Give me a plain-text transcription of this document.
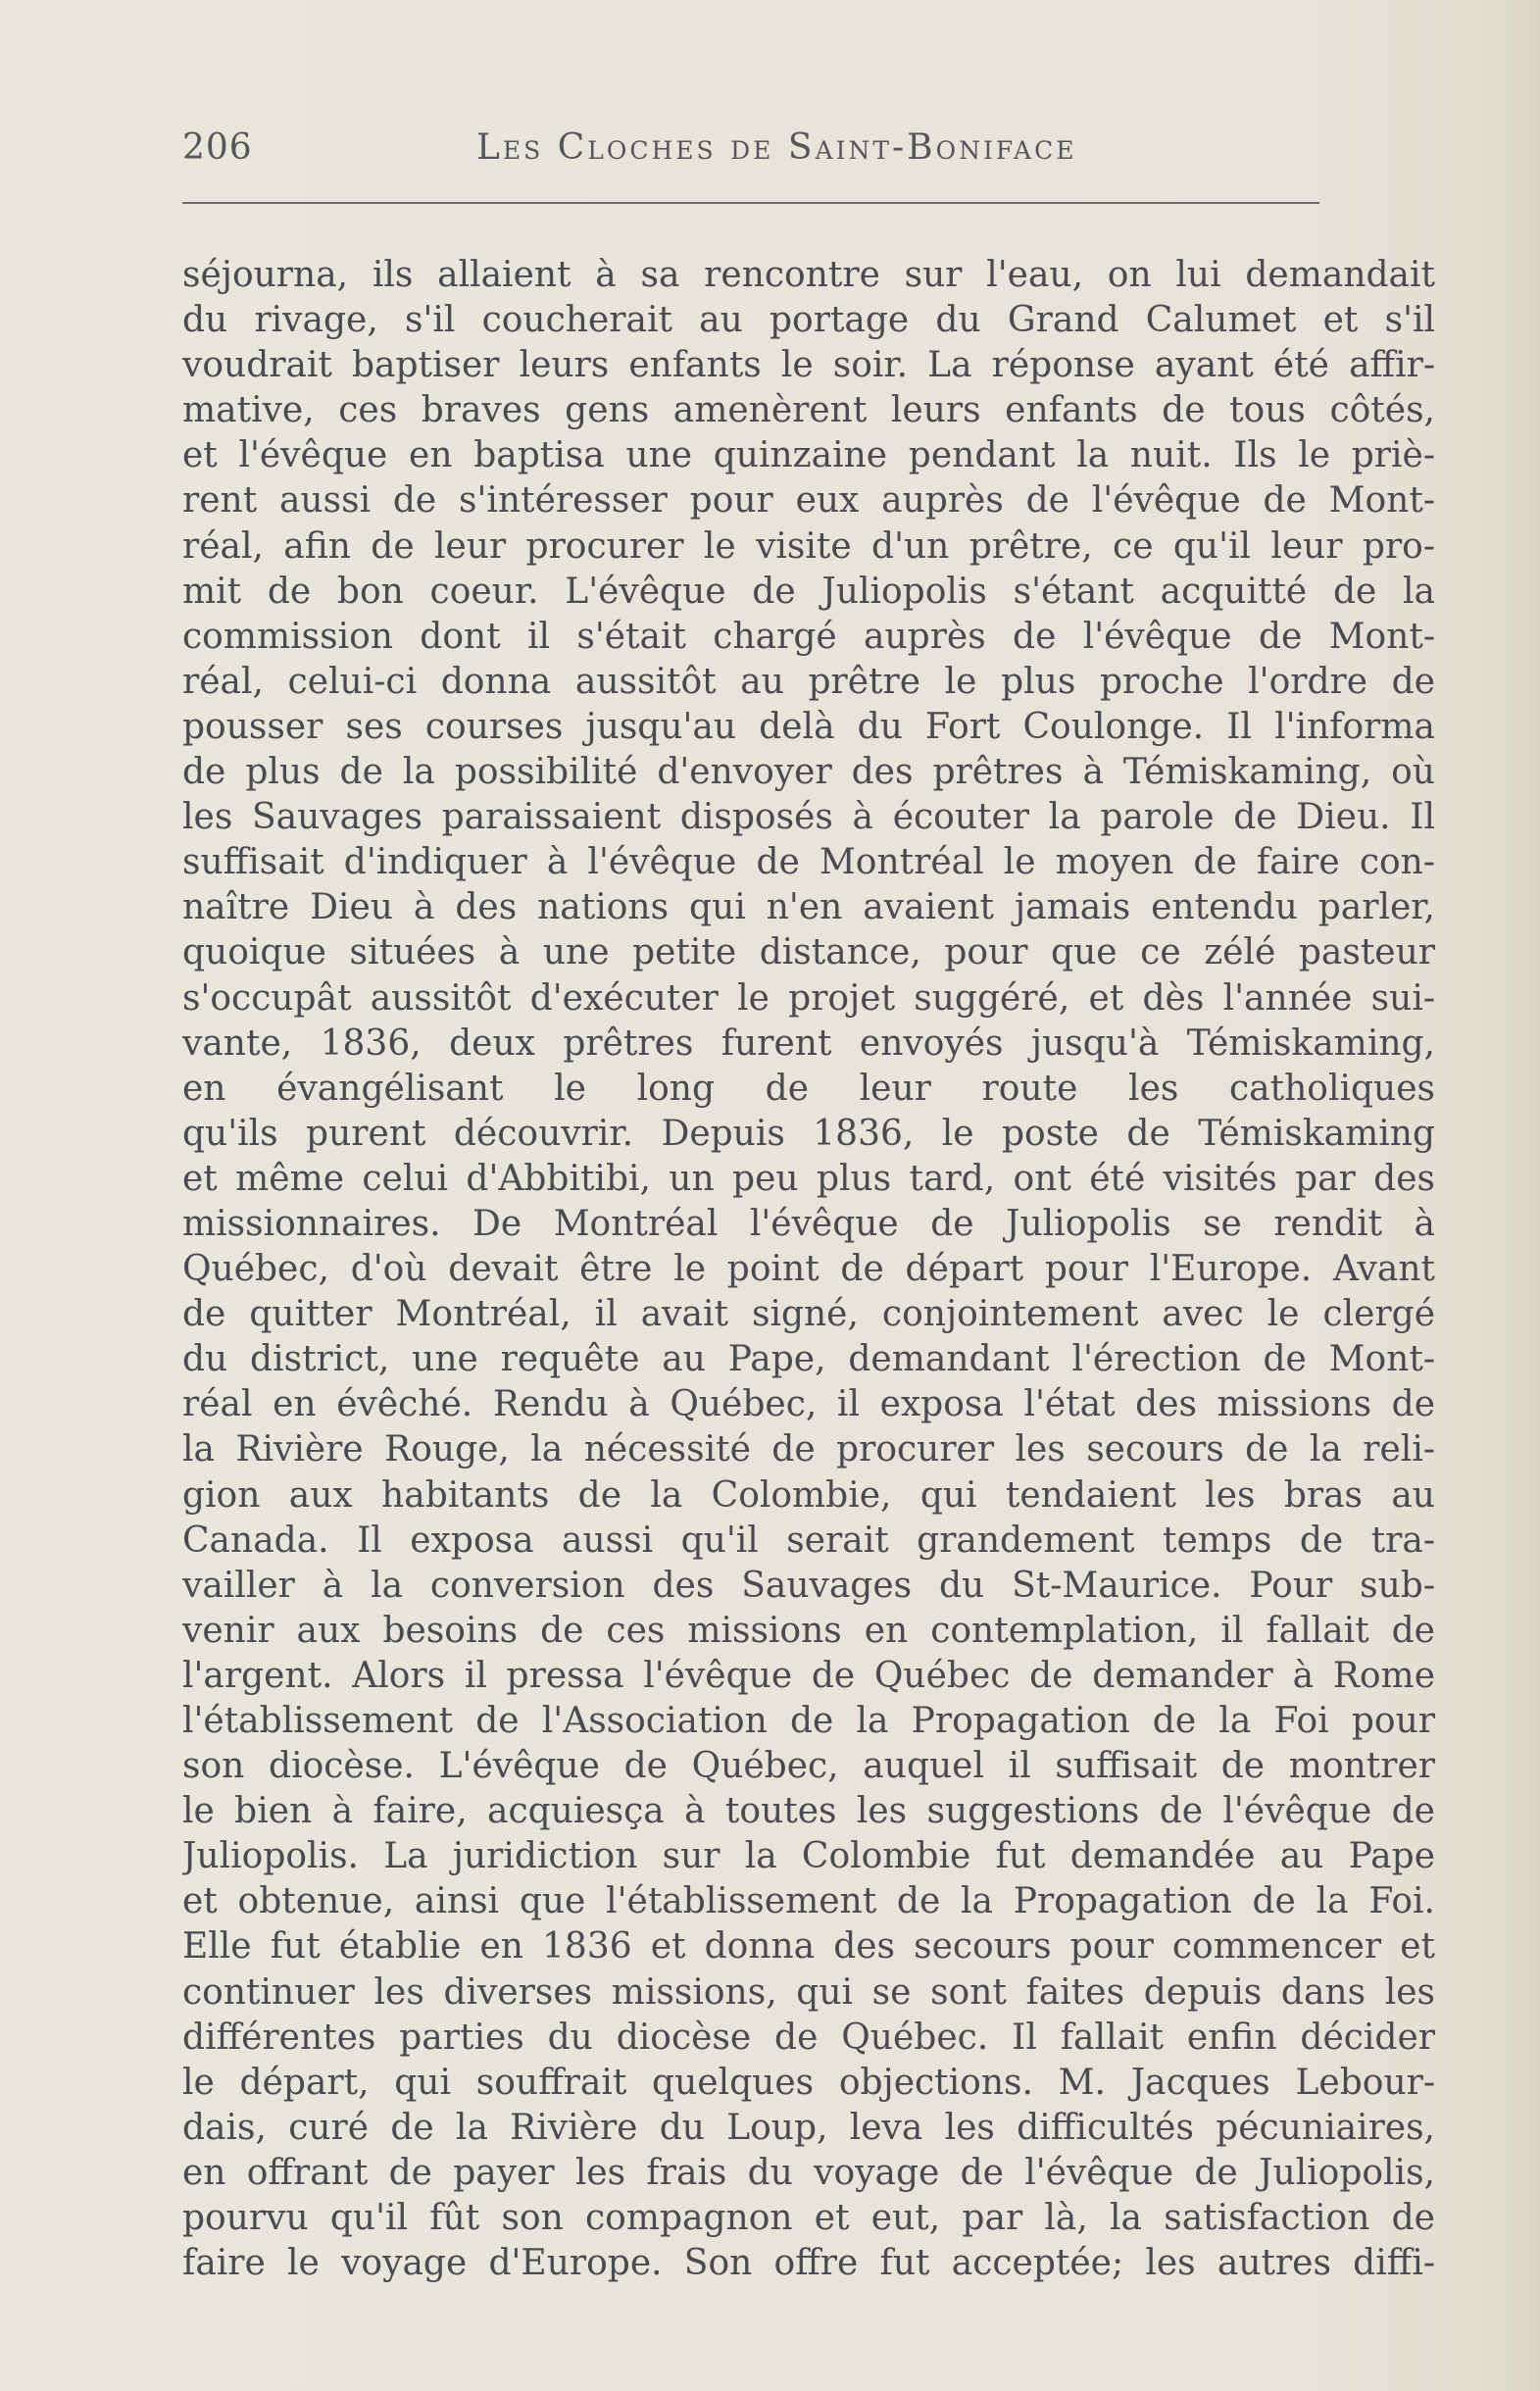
206	Les Cloches de Saint-Boniface
séjourna, ils allaient à sa rencontre sur l'eau, on lui demandait
du rivage, s'il coucherait au portage du Grand Calumet et s'il
voudrait baptiser leurs enfants le soir. La réponse ayant été affir-
mative, ces braves gens amenèrent leurs enfants de tous côtés,
et l'évêque en baptisa une quinzaine pendant la nuit. Ils le priè-
rent aussi de s'intéresser pour eux auprès de l'évêque de Mont-
réal, afin de leur procurer le visite d'un prêtre, ce qu'il leur pro-
mit de bon coeur. L'évêque de Juliopolis s'étant acquitté de la
commission dont il s'était chargé auprès de l'évêque de Mont-
réal, celui-ci donna aussitôt au prêtre le plus proche l'ordre de
pousser ses courses jusqu'au delà du Fort Coulonge. Il l'informa
de plus de la possibilité d'envoyer des prêtres à Témiskaming, où
les Sauvages paraissaient disposés à écouter la parole de Dieu. Il
suffisait d'indiquer à l'évêque de Montréal le moyen de faire con-
naître Dieu à des nations qui n'en avaient jamais entendu parler,
quoique situées à une petite distance, pour que ce zélé pasteur
s'occupât aussitôt d'exécuter le projet suggéré, et dès l'année sui-
vante, 1836, deux prêtres furent envoyés jusqu'à Témiskaming,
en évangélisant le long de leur route les catholiques
qu'ils purent découvrir. Depuis 1836, le poste de Témiskaming
et même celui d'Abbitibi, un peu plus tard, ont été visités par des
missionnaires. De Montréal l'évêque de Juliopolis se rendit à
Québec, d'où devait être le point de départ pour l'Europe. Avant
de quitter Montréal, il avait signé, conjointement avec le clergé
du district, une requête au Pape, demandant l'érection de Mont-
réal en évêché. Rendu à Québec, il exposa l'état des missions de
la Rivière Rouge, la nécessité de procurer les secours de la reli-
gion aux habitants de la Colombie, qui tendaient les bras au
Canada. Il exposa aussi qu'il serait grandement temps de tra-
vailler à la conversion des Sauvages du St-Maurice. Pour sub-
venir aux besoins de ces missions en contemplation, il fallait de
l'argent. Alors il pressa l'évêque de Québec de demander à Rome
l'établissement de l'Association de la Propagation de la Foi pour
son diocèse. L'évêque de Québec, auquel il suffisait de montrer
le bien à faire, acquiesça à toutes les suggestions de l'évêque de
Juliopolis. La juridiction sur la Colombie fut demandée au Pape
et obtenue, ainsi que l'établissement de la Propagation de la Foi.
Elle fut établie en 1836 et donna des secours pour commencer et
continuer les diverses missions, qui se sont faites depuis dans les
différentes parties du diocèse de Québec. Il fallait enfin décider
le départ, qui souffrait quelques objections. M. Jacques Lebour-
dais, curé de la Rivière du Loup, leva les difficultés pécuniaires,
en offrant de payer les frais du voyage de l'évêque de Juliopolis,
pourvu qu'il fût son compagnon et eut, par là, la satisfaction de
faire le voyage d'Europe. Son offre fut acceptée; les autres diffi-
